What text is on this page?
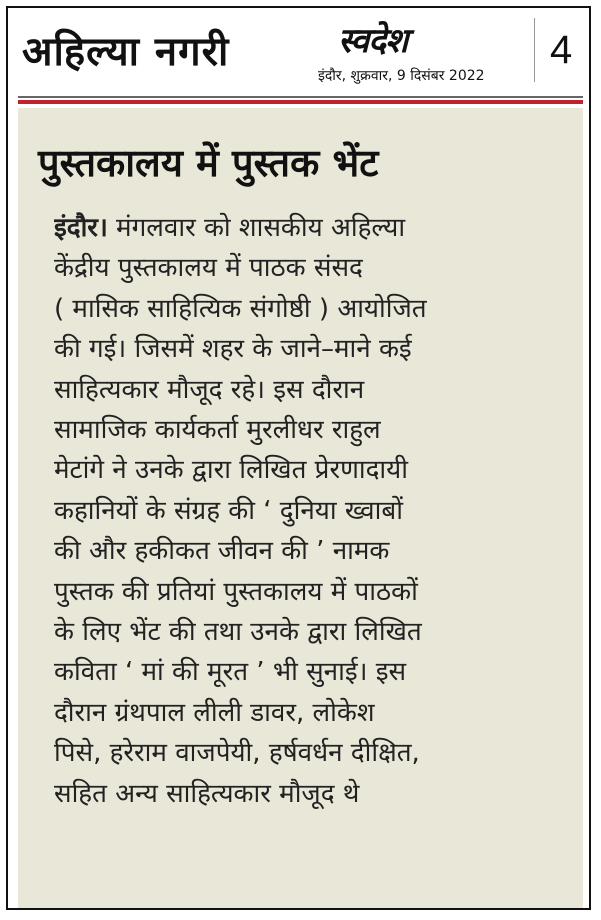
अहिल्या नगरी	स्वदेश
इंदौर, शुक्रवार, 9 दिसंबर 2022
4
पुस्तकालय में पुस्तक भेंट
इंदौर। मंगलवार को शासकीय अहिल्या
केंद्रीय पुस्तकालय में पाठक संसद
( मासिक साहित्यिक संगोष्ठी ) आयोजित
की गई। जिसमें शहर के जाने–माने कई
साहित्यकार मौजूद रहे। इस दौरान
सामाजिक कार्यकर्ता मुरलीधर राहुल
मेटांगे ने उनके द्वारा लिखित प्रेरणादायी
कहानियों के संग्रह की ‘ दुनिया ख्वाबों
की और हकीकत जीवन की ’ नामक
पुस्तक की प्रतियां पुस्तकालय में पाठकों
के लिए भेंट की तथा उनके द्वारा लिखित
कविता ‘ मां की मूरत ’ भी सुनाई। इस
दौरान ग्रंथपाल लीली डावर, लोकेश
पिसे, हरेराम वाजपेयी, हर्षवर्धन दीक्षित,
सहित अन्य साहित्यकार मौजूद थे
